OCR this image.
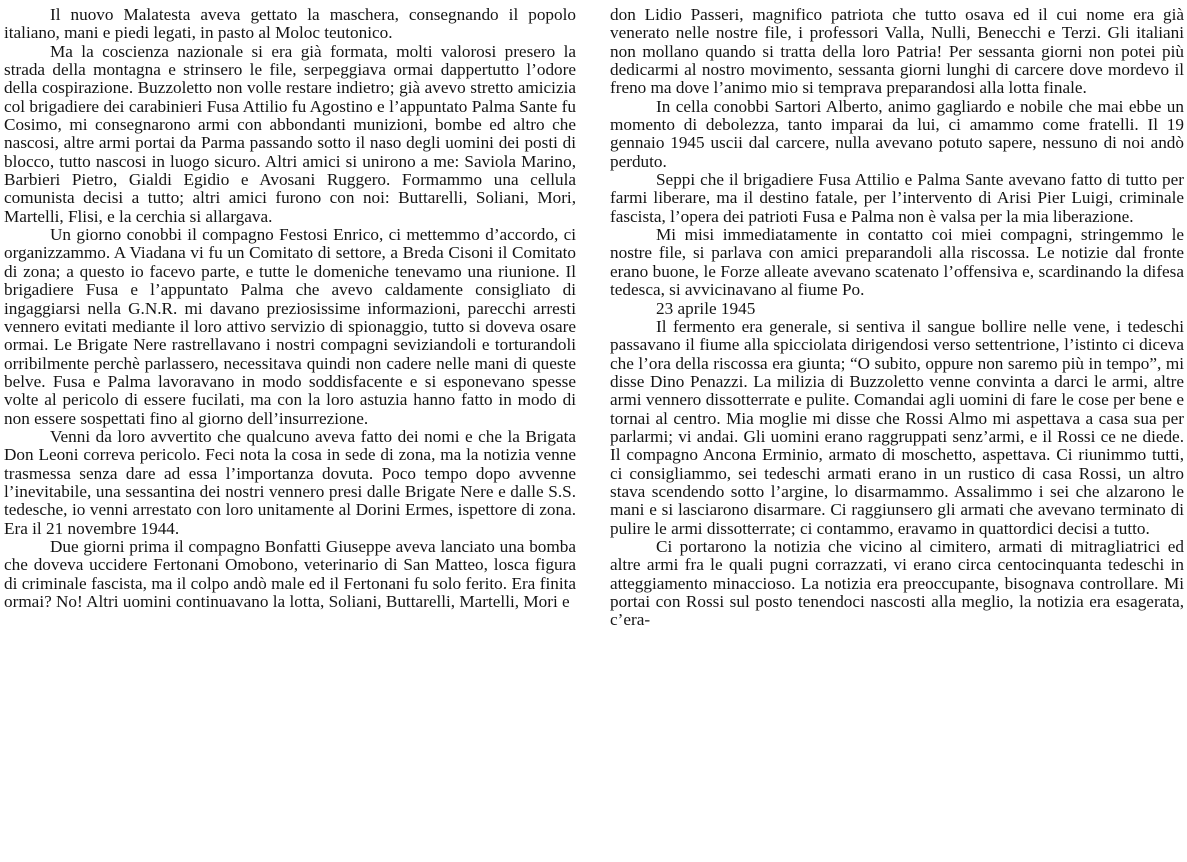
Il nuovo Malatesta aveva gettato la maschera, consegnando il popolo italiano, mani e piedi legati, in pasto al Moloc teutonico.

Ma la coscienza nazionale si era già formata, molti valorosi presero la strada della montagna e strinsero le file, serpeggiava ormai dappertutto l’odore della cospirazione. Buzzoletto non volle restare indietro; già avevo stretto amicizia col brigadiere dei carabinieri Fusa Attilio fu Agostino e l’appuntato Palma Sante fu Cosimo, mi consegnarono armi con abbondanti munizioni, bombe ed altro che nascosi, altre armi portai da Parma passando sotto il naso degli uomini dei posti di blocco, tutto nascosi in luogo sicuro. Altri amici si unirono a me: Saviola Marino, Barbieri Pietro, Gialdi Egidio e Avosani Ruggero. Formammo una cellula comunista decisi a tutto; altri amici furono con noi: Buttarelli, Soliani, Mori, Martelli, Flisi, e la cerchia si allargava.

Un giorno conobbi il compagno Festosi Enrico, ci mettemmo d’accordo, ci organizzammo. A Viadana vi fu un Comitato di settore, a Breda Cisoni il Comitato di zona; a questo io facevo parte, e tutte le domeniche tenevamo una riunione. Il brigadiere Fusa e l’appuntato Palma che avevo caldamente consigliato di ingaggiarsi nella G.N.R. mi davano preziosissime informazioni, parecchi arresti vennero evitati mediante il loro attivo servizio di spionaggio, tutto si doveva osare ormai. Le Brigate Nere rastrellavano i nostri compagni seviziandoli e torturandoli orribilmente perchè parlassero, necessitava quindi non cadere nelle mani di queste belve. Fusa e Palma lavoravano in modo soddisfacente e si esponevano spesse volte al pericolo di essere fucilati, ma con la loro astuzia hanno fatto in modo di non essere sospettati fino al giorno dell’insurrezione.

Venni da loro avvertito che qualcuno aveva fatto dei nomi e che la Brigata Don Leoni correva pericolo. Feci nota la cosa in sede di zona, ma la notizia venne trasmessa senza dare ad essa l’importanza dovuta. Poco tempo dopo avvenne l’inevitabile, una sessantina dei nostri vennero presi dalle Brigate Nere e dalle S.S. tedesche, io venni arrestato con loro unitamente al Dorini Ermes, ispettore di zona. Era il 21 novembre 1944.

Due giorni prima il compagno Bonfatti Giuseppe aveva lanciato una bomba che doveva uccidere Fertonani Omobono, veterinario di San Matteo, losca figura di criminale fascista, ma il colpo andò male ed il Fertonani fu solo ferito. Era finita ormai? No! Altri uomini continuavano la lotta, Soliani, Buttarelli, Martelli, Mori e

don Lidio Passeri, magnifico patriota che tutto osava ed il cui nome era già venerato nelle nostre file, i professori Valla, Nulli, Benecchi e Terzi. Gli italiani non mollano quando si tratta della loro Patria! Per sessanta giorni non potei più dedicarmi al nostro movimento, sessanta giorni lunghi di carcere dove mordevo il freno ma dove l’animo mio si temprava preparandosi alla lotta finale.

In cella conobbi Sartori Alberto, animo gagliardo e nobile che mai ebbe un momento di debolezza, tanto imparai da lui, ci amammo come fratelli. Il 19 gennaio 1945 uscii dal carcere, nulla avevano potuto sapere, nessuno di noi andò perduto.

Seppi che il brigadiere Fusa Attilio e Palma Sante avevano fatto di tutto per farmi liberare, ma il destino fatale, per l’intervento di Arisi Pier Luigi, criminale fascista, l’opera dei patrioti Fusa e Palma non è valsa per la mia liberazione.

Mi misi immediatamente in contatto coi miei compagni, stringemmo le nostre file, si parlava con amici preparandoli alla riscossa. Le notizie dal fronte erano buone, le Forze alleate avevano scatenato l’offensiva e, scardinando la difesa tedesca, si avvicinavano al fiume Po.

23 aprile 1945

Il fermento era generale, si sentiva il sangue bollire nelle vene, i tedeschi passavano il fiume alla spicciolata dirigendosi verso settentrione, l’istinto ci diceva che l’ora della riscossa era giunta; “O subito, oppure non saremo più in tempo”, mi disse Dino Penazzi. La milizia di Buzzoletto venne convinta a darci le armi, altre armi vennero dissotterrate e pulite. Comandai agli uomini di fare le cose per bene e tornai al centro. Mia moglie mi disse che Rossi Almo mi aspettava a casa sua per parlarmi; vi andai. Gli uomini erano raggruppati senz’armi, e il Rossi ce ne diede. Il compagno Ancona Erminio, armato di moschetto, aspettava. Ci riunimmo tutti, ci consigliammo, sei tedeschi armati erano in un rustico di casa Rossi, un altro stava scendendo sotto l’argine, lo disarmammo. Assalimmo i sei che alzarono le mani e si lasciarono disarmare. Ci raggiunsero gli armati che avevano terminato di pulire le armi dissotterrate; ci contammo, eravamo in quattordici decisi a tutto.

Ci portarono la notizia che vicino al cimitero, armati di mitragliatrici ed altre armi fra le quali pugni corrazzati, vi erano circa centocinquanta tedeschi in atteggiamento minaccioso. La notizia era preoccupante, bisognava controllare. Mi portai con Rossi sul posto tenendoci nascosti alla meglio, la notizia era esagerata, c’era-
